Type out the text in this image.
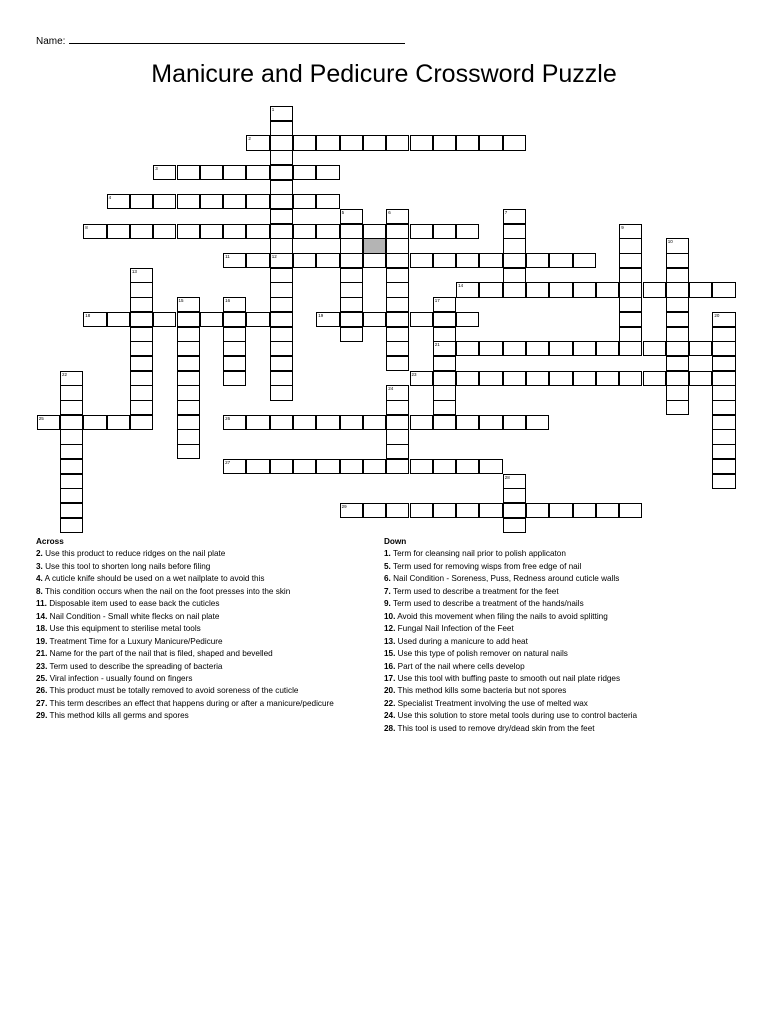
Name:
Manicure and Pedicure Crossword Puzzle
1
2
3
4
5	6	7
8	9
10
11	12
13
14
15	16	17
21
18	19	20
22	23
24
25	26
27
28
29
Across
2. Use this product to reduce ridges on the nail plate
3. Use this tool to shorten long nails before filing
4. A cuticle knife should be used on a wet nailplate to avoid this
8. This condition occurs when the nail on the foot presses into the skin
11. Disposable item used to ease back the cuticles
14. Nail Condition - Small white flecks on nail plate
18. Use this equipment to sterilise metal tools
19. Treatment Time for a Luxury Manicure/Pedicure
21. Name for the part of the nail that is filed, shaped and bevelled
23. Term used to describe the spreading of bacteria
25. Viral infection - usually found on fingers
26. This product must be totally removed to avoid soreness of the cuticle
27. This term describes an effect that happens during or after a manicure/pedicure
29. This method kills all germs and spores
Down
1. Term for cleansing nail prior to polish applicaton
5. Term used for removing wisps from free edge of nail
6. Nail Condition - Soreness, Puss, Redness around cuticle walls
7. Term used to describe a treatment for the feet
9. Term used to describe a treatment of the hands/nails
10. Avoid this movement when filing the nails to avoid splitting
12. Fungal Nail Infection of the Feet
13. Used during a manicure to add heat
15. Use this type of polish remover on natural nails
16. Part of the nail where cells develop
17. Use this tool with buffing paste to smooth out nail plate ridges
20. This method kills some bacteria but not spores
22. Specialist Treatment involving the use of melted wax
24. Use this solution to store metal tools during use to control bacteria
28. This tool is used to remove dry/dead skin from the feet
